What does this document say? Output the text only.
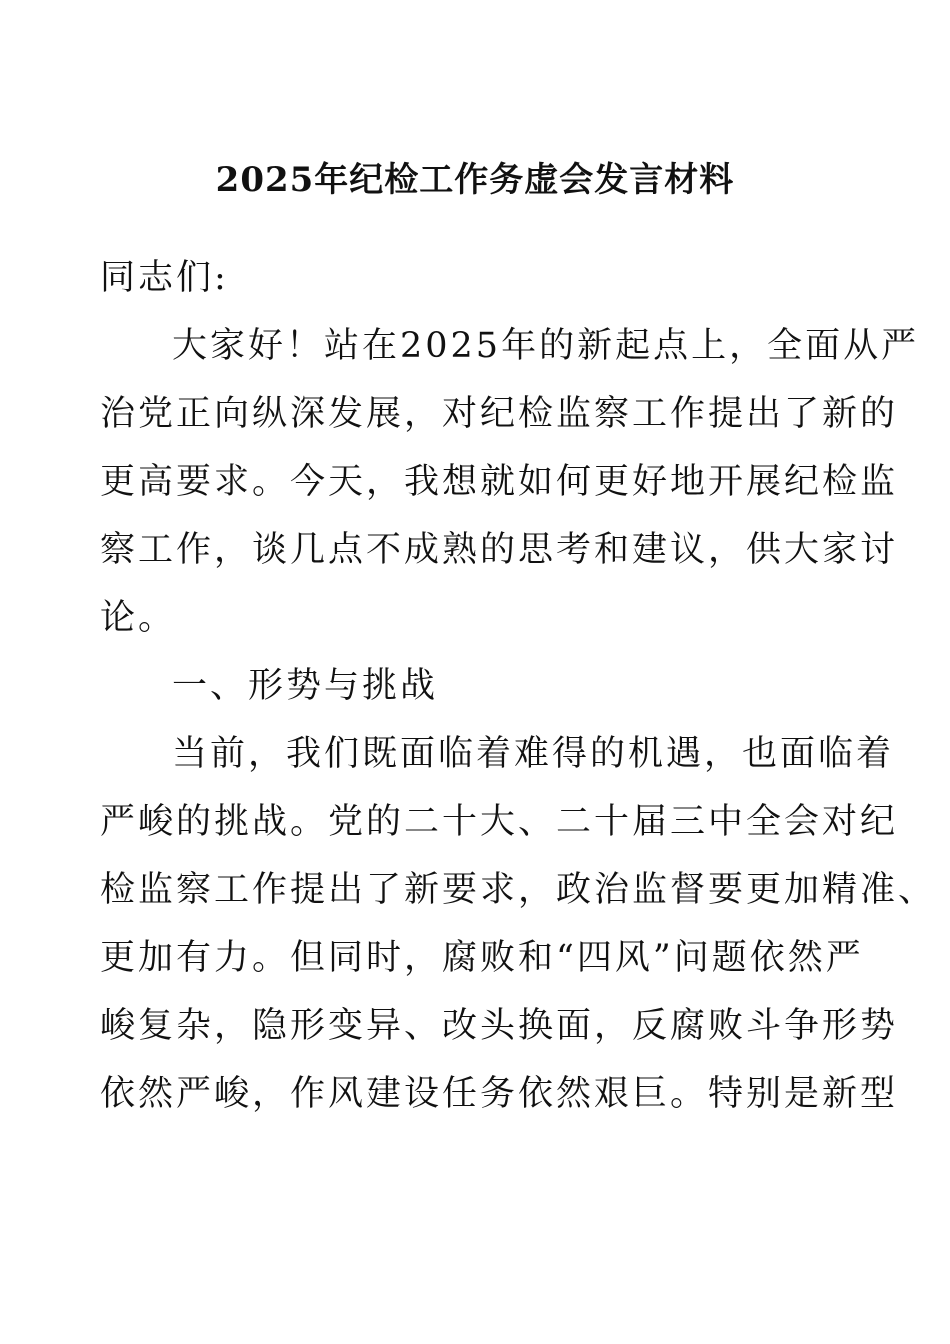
2025年纪检工作务虚会发言材料
同志们:
大家好！站在2025年的新起点上，全面从严
治党正向纵深发展，对纪检监察工作提出了新的
更高要求。今天，我想就如何更好地开展纪检监
察工作，谈几点不成熟的思考和建议，供大家讨
论。
一、形势与挑战
当前，我们既面临着难得的机遇，也面临着
严峻的挑战。党的二十大、二十届三中全会对纪
检监察工作提出了新要求，政治监督要更加精准、
更加有力。但同时，腐败和“四风”问题依然严
峻复杂，隐形变异、改头换面，反腐败斗争形势
依然严峻，作风建设任务依然艰巨。特别是新型
